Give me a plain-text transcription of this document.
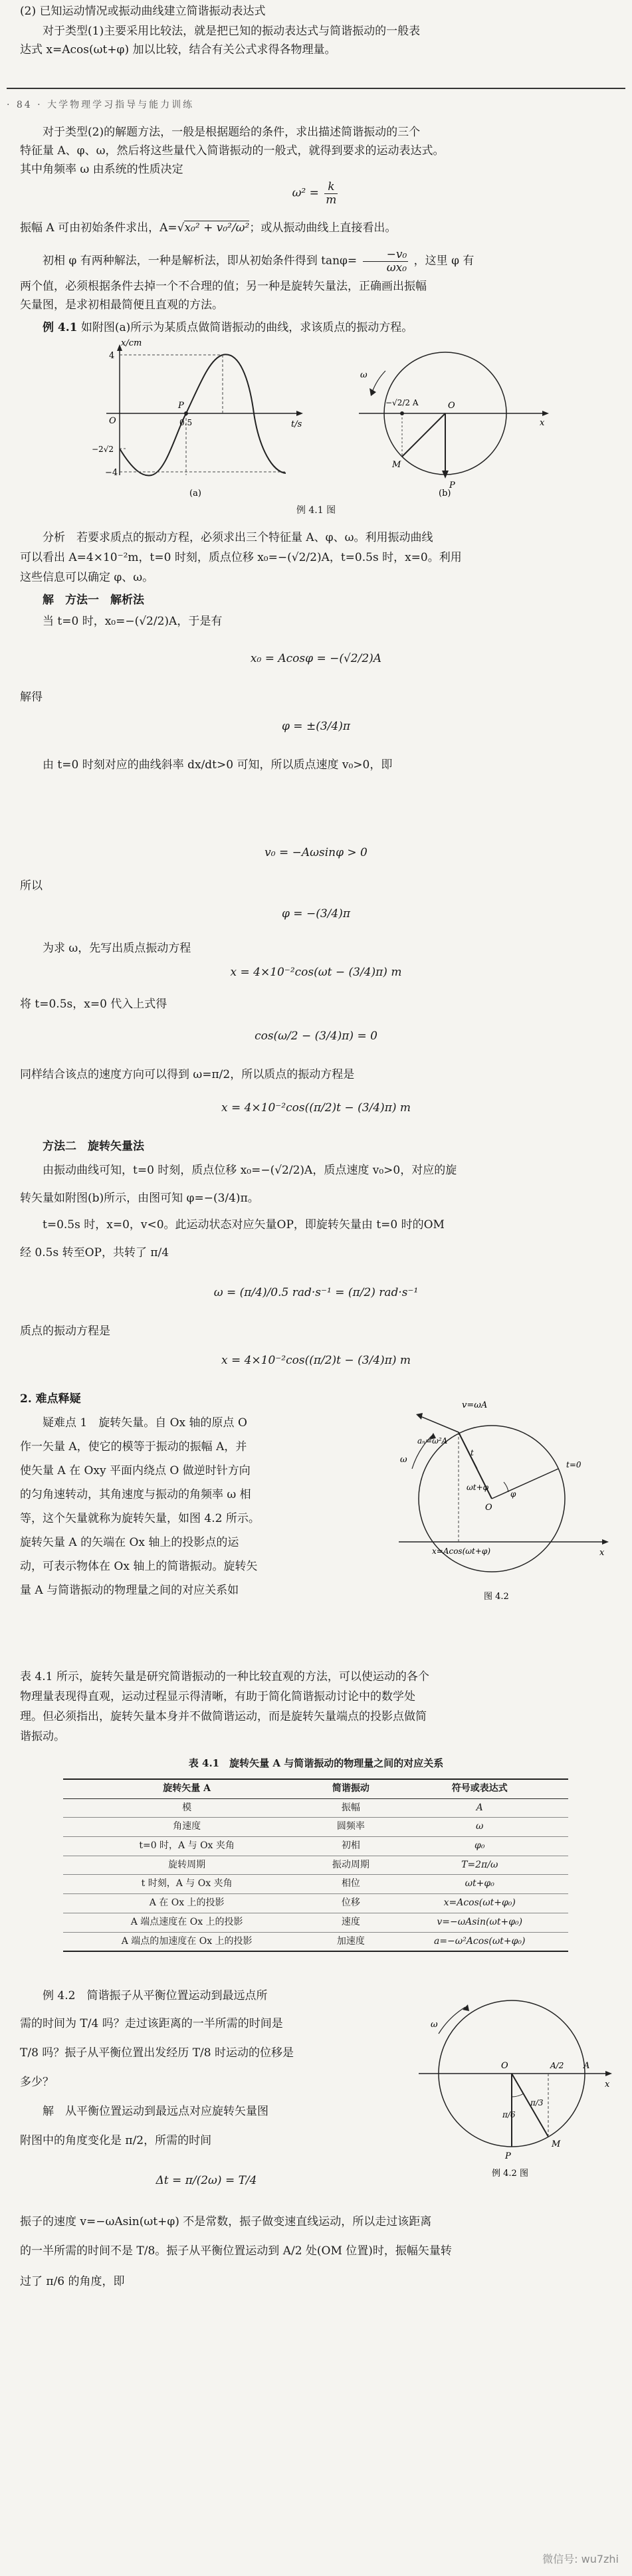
(2) 已知运动情况或振动曲线建立简谐振动表达式
对于类型(1)主要采用比较法，就是把已知的振动表达式与简谐振动的一般表
达式 x=Acos(ωt+φ) 加以比较，结合有关公式求得各物理量。
· 84 · 大学物理学习指导与能力训练
对于类型(2)的解题方法，一般是根据题给的条件，求出描述简谐振动的三个
特征量 A、φ、ω，然后将这些量代入简谐振动的一般式，就得到要求的运动表达式。
其中角频率 ω 由系统的性质决定
$\omega^2 = \frac{k}{m}$
振幅 A 可由初始条件求出，A=√x₀² + v₀²/ω²；或从振动曲线上直接看出。
初相 φ 有两种解法，一种是解析法，即从初始条件得到 $\tan\varphi= \frac{\text{−v₀}}{\text{ωx₀}}$ ，这里 φ 有
两个值，必须根据条件去掉一个不合理的值；另一种是旋转矢量法，正确画出振幅
矢量图，是求初相最简便且直观的方法。
例 4.1 如附图(a)所示为某质点做简谐振动的曲线，求该质点的振动方程。
x/cm
t/s
4
−4
−2√2
P
0.5
O
(a)
M
P
O
x
−√2/2 A
ω
(b)
例 4.1 图
分析　若要求质点的振动方程，必须求出三个特征量 A、φ、ω。利用振动曲线
可以看出 A=4×10⁻²m，t=0 时刻，质点位移 x₀=−(√2/2)A，t=0.5s 时，x=0。利用
这些信息可以确定 φ、ω。
解　方法一　解析法
当 t=0 时，x₀=−(√2/2)A，于是有
x₀ = Acosφ = −(√2/2)A
解得
φ = ±(3/4)π
由 t=0 时刻对应的曲线斜率 dx/dt>0 可知，所以质点速度 v₀>0，即
v₀ = −Aωsinφ > 0
所以
φ = −(3/4)π
为求 ω，先写出质点振动方程
x = 4×10⁻²cos(ωt − (3/4)π) m
将 t=0.5s，x=0 代入上式得
cos(ω/2 − (3/4)π) = 0
同样结合该点的速度方向可以得到 ω=π/2，所以质点的振动方程是
x = 4×10⁻²cos((π/2)t − (3/4)π) m
方法二　旋转矢量法
由振动曲线可知，t=0 时刻，质点位移 x₀=−(√2/2)A，质点速度 v₀>0，对应的旋
转矢量如附图(b)所示，由图可知 φ=−(3/4)π。
t=0.5s 时，x=0，v<0。此运动状态对应矢量OP，即旋转矢量由 t=0 时的OM
经 0.5s 转至OP，共转了 π/4
ω = (π/4)/0.5 rad·s⁻¹ = (π/2) rad·s⁻¹
质点的振动方程是
x = 4×10⁻²cos((π/2)t − (3/4)π) m
2. 难点释疑
疑难点 1　旋转矢量。自 Ox 轴的原点 O
作一矢量 A，使它的模等于振动的振幅 A，并
使矢量 A 在 Oxy 平面内绕点 O 做逆时针方向
的匀角速转动，其角速度与振动的角频率 ω 相
等，这个矢量就称为旋转矢量，如图 4.2 所示。
旋转矢量 A 的矢端在 Ox 轴上的投影点的运
动，可表示物体在 Ox 轴上的简谐振动。旋转矢
量 A 与简谐振动的物理量之间的对应关系如
v=ωA
aₙ=ω²A
t
ωt+φ
t=0
φ
O
x
ω
x=Acos(ωt+φ)
图 4.2
表 4.1 所示，旋转矢量是研究简谐振动的一种比较直观的方法，可以使运动的各个
物理量表现得直观，运动过程显示得清晰，有助于简化简谐振动讨论中的数学处
理。但必须指出，旋转矢量本身并不做简谐运动，而是旋转矢量端点的投影点做简
谐振动。
表 4.1　旋转矢量 A 与简谐振动的物理量之间的对应关系
旋转矢量 A	简谐振动	符号或表达式
模	振幅	A
角速度	圆频率	ω
t=0 时，A 与 Ox 夹角	初相	φ₀
旋转周期	振动周期	T=2π/ω
t 时刻，A 与 Ox 夹角	相位	ωt+φ₀
A 在 Ox 上的投影	位移	x=Acos(ωt+φ₀)
A 端点速度在 Ox 上的投影	速度	v=−ωAsin(ωt+φ₀)
A 端点的加速度在 Ox 上的投影	加速度	a=−ω²Acos(ωt+φ₀)
例 4.2　简谐振子从平衡位置运动到最远点所
需的时间为 T/4 吗？走过该距离的一半所需的时间是
T/8 吗？振子从平衡位置出发经历 T/8 时运动的位移是
多少？
解　从平衡位置运动到最远点对应旋转矢量图
附图中的角度变化是 π/2，所需的时间
Δt = π/(2ω) = T/4
ω
O
x
A
A/2
π/3
π/6
M
P
例 4.2 图
振子的速度 v=−ωAsin(ωt+φ) 不是常数，振子做变速直线运动，所以走过该距离
的一半所需的时间不是 T/8。振子从平衡位置运动到 A/2 处(OM 位置)时，振幅矢量转
过了 π/6 的角度，即
微信号: wu7zhi
